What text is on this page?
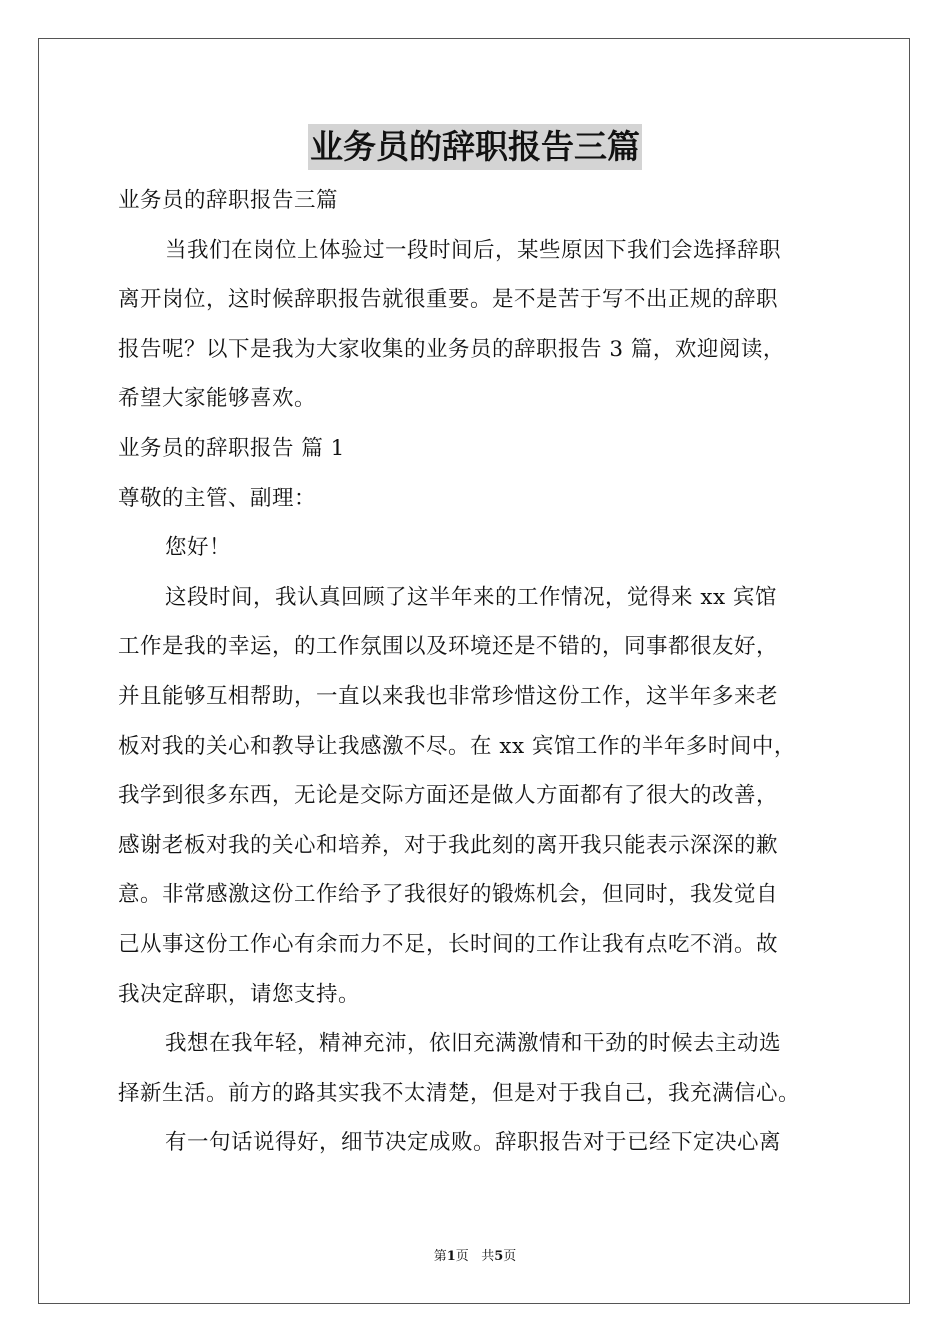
业务员的辞职报告三篇
业务员的辞职报告三篇
当我们在岗位上体验过一段时间后，某些原因下我们会选择辞职
离开岗位，这时候辞职报告就很重要。是不是苦于写不出正规的辞职
报告呢？以下是我为大家收集的业务员的辞职报告 3 篇，欢迎阅读，
希望大家能够喜欢。
业务员的辞职报告 篇 1
尊敬的主管、副理：
您好！
这段时间，我认真回顾了这半年来的工作情况，觉得来 xx 宾馆
工作是我的幸运，的工作氛围以及环境还是不错的，同事都很友好，
并且能够互相帮助，一直以来我也非常珍惜这份工作，这半年多来老
板对我的关心和教导让我感激不尽。在 xx 宾馆工作的半年多时间中，
我学到很多东西，无论是交际方面还是做人方面都有了很大的改善，
感谢老板对我的关心和培养，对于我此刻的离开我只能表示深深的歉
意。非常感激这份工作给予了我很好的锻炼机会，但同时，我发觉自
己从事这份工作心有余而力不足，长时间的工作让我有点吃不消。故
我决定辞职，请您支持。
我想在我年轻，精神充沛，依旧充满激情和干劲的时候去主动选
择新生活。前方的路其实我不太清楚，但是对于我自己，我充满信心。
有一句话说得好，细节决定成败。辞职报告对于已经下定决心离
第1页 共5页
